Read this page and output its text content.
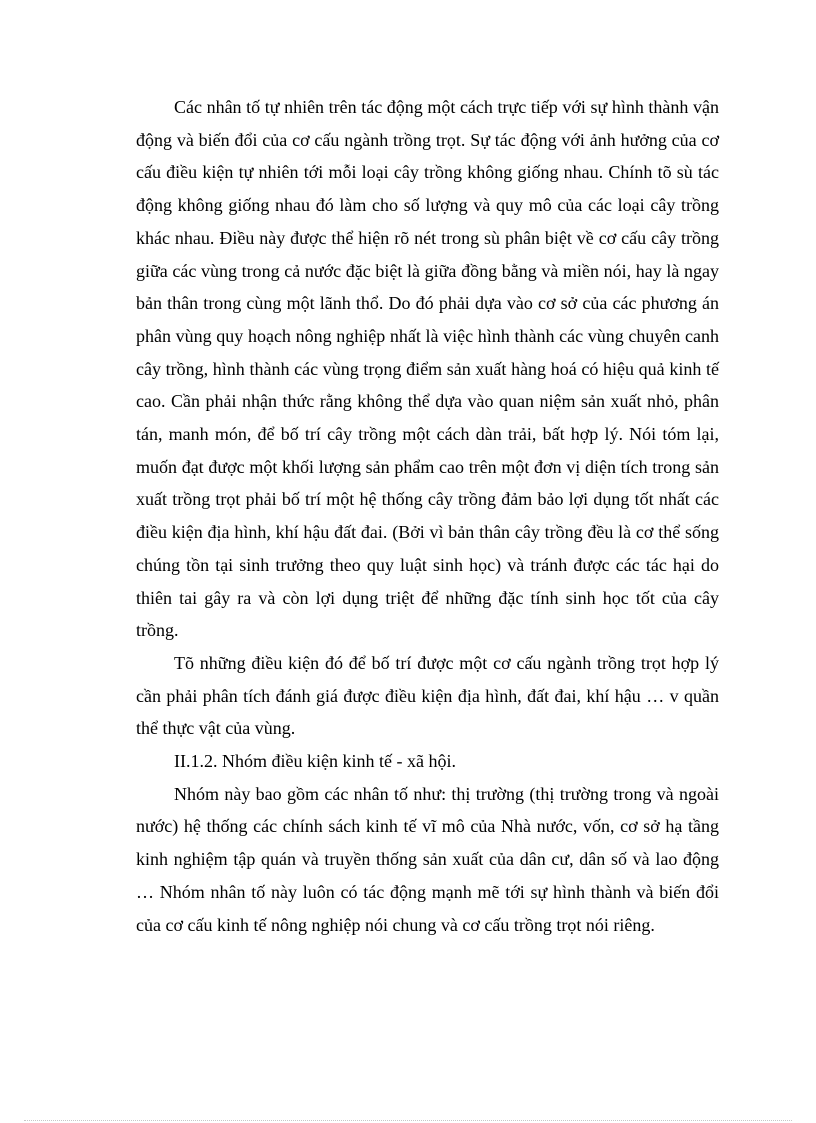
Các nhân tố tự nhiên trên tác động một cách trực tiếp với sự hình thành vận động và biến đổi của cơ cấu ngành trồng trọt. Sự tác động với ảnh hưởng của cơ cấu điều kiện tự nhiên tới mỗi loại cây trồng không giống nhau. Chính tõ sù tác động không giống nhau đó làm cho số lượng và quy mô của các loại cây trồng khác nhau. Điều này được thể hiện rõ nét trong sù phân biệt về cơ cấu cây trồng giữa các vùng trong cả nước đặc biệt là giữa đồng bằng và miền nói, hay là ngay bản thân trong cùng một lãnh thổ. Do đó phải dựa vào cơ sở của các phương án phân vùng quy hoạch nông nghiệp nhất là việc hình thành các vùng chuyên canh cây trồng, hình thành các vùng trọng điểm sản xuất hàng hoá có hiệu quả kinh tế cao. Cần phải nhận thức rằng không thể dựa vào quan niệm sản xuất nhỏ, phân tán, manh món, để bố trí cây trồng một cách dàn trải, bất hợp lý. Nói tóm lại, muốn đạt được một khối lượng sản phẩm cao trên một đơn vị diện tích trong sản xuất trồng trọt phải bố trí một hệ thống cây trồng đảm bảo lợi dụng tốt nhất các điều kiện địa hình, khí hậu đất đai. (Bởi vì bản thân cây trồng đều là cơ thể sống chúng tồn tại sinh trưởng theo quy luật sinh học) và tránh được các tác hại do thiên tai gây ra và còn lợi dụng triệt để những đặc tính sinh học tốt của cây trồng.

Tõ những điều kiện đó để bố trí được một cơ cấu ngành trồng trọt hợp lý cần phải phân tích đánh giá được điều kiện địa hình, đất đai, khí hậu … v quần thể thực vật của vùng.

II.1.2. Nhóm điều kiện kinh tế - xã hội.

Nhóm này bao gồm các nhân tố như: thị trường (thị trường trong và ngoài nước) hệ thống các chính sách kinh tế vĩ mô của Nhà nước, vốn, cơ sở hạ tầng kinh nghiệm tập quán và truyền thống sản xuất của dân cư, dân số và lao động … Nhóm nhân tố này luôn có tác động mạnh mẽ tới sự hình thành và biến đổi của cơ cấu kinh tế nông nghiệp nói chung và cơ cấu trồng trọt nói riêng.
